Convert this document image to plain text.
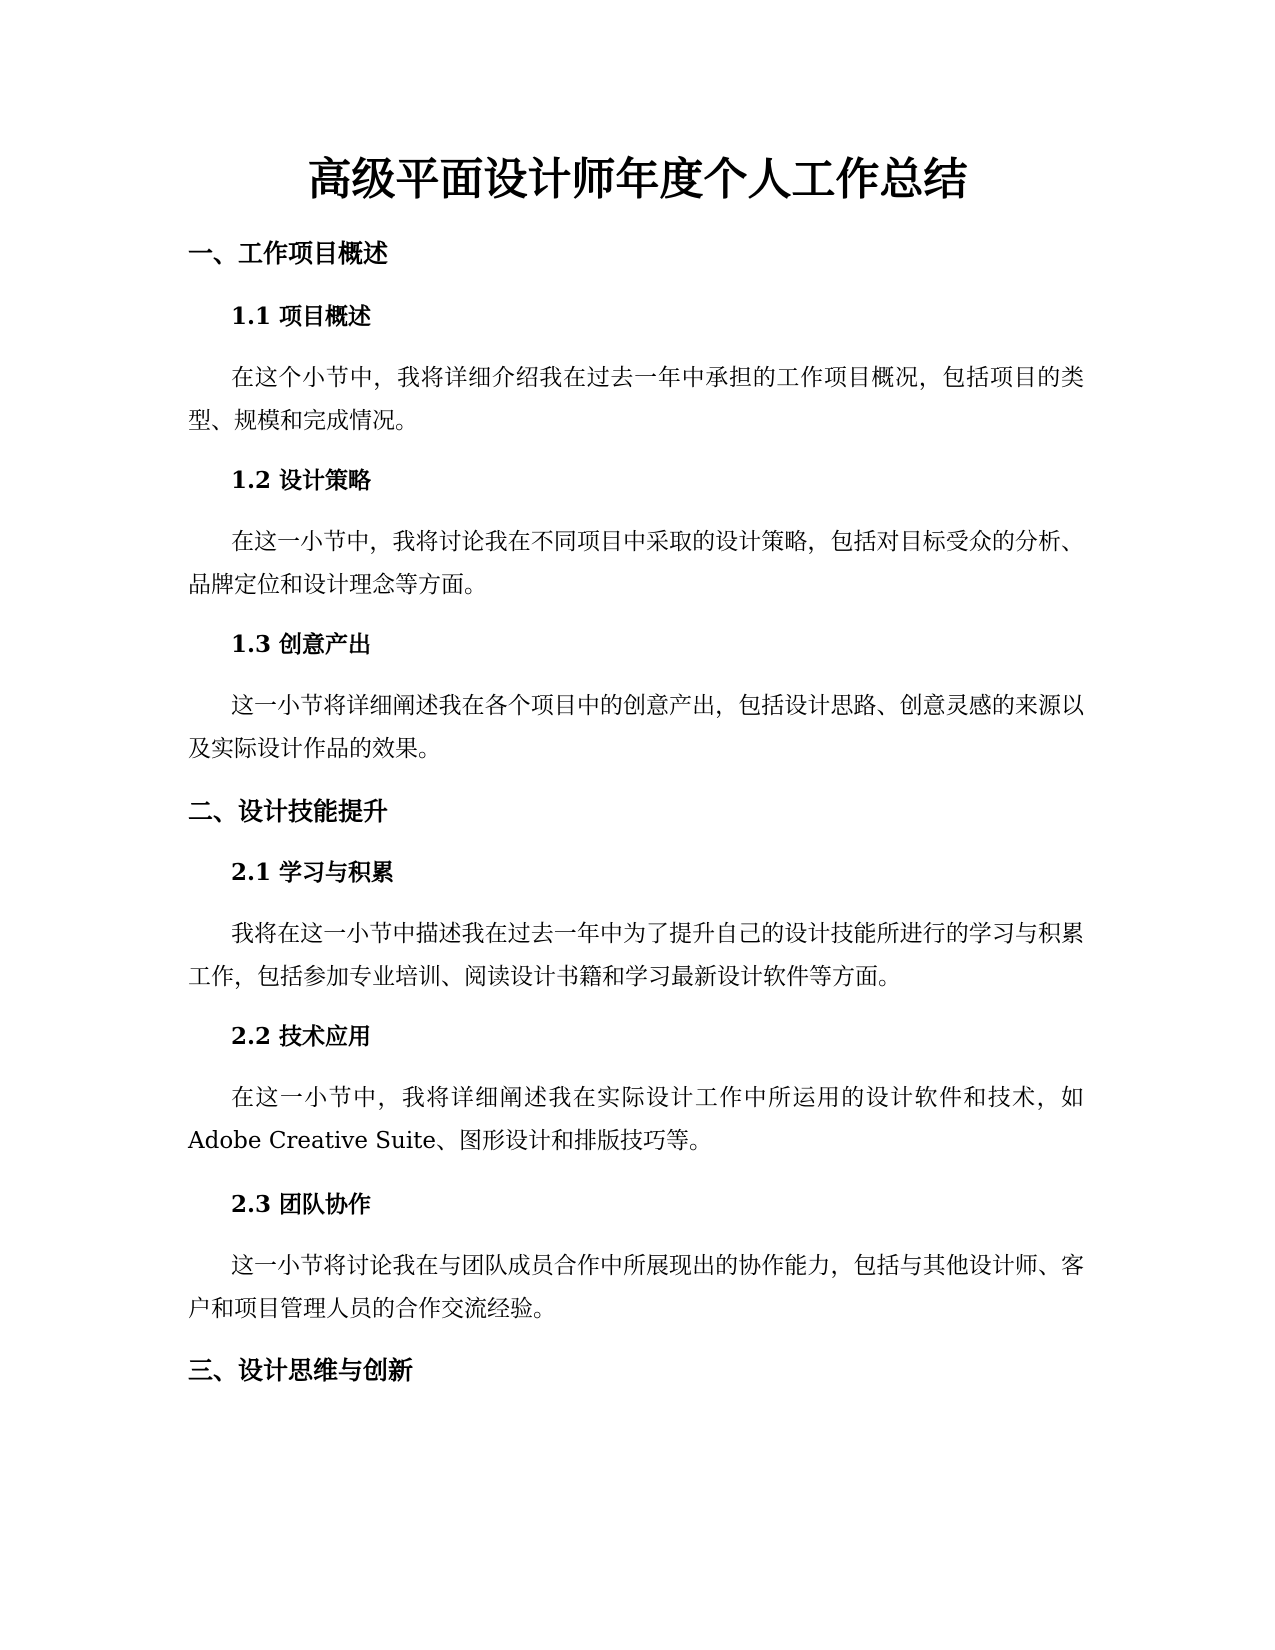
高级平面设计师年度个人工作总结
一、工作项目概述
1.1 项目概述

在这个小节中，我将详细介绍我在过去一年中承担的工作项目概况，包括项目的类型、规模和完成情况。

1.2 设计策略

在这一小节中，我将讨论我在不同项目中采取的设计策略，包括对目标受众的分析、品牌定位和设计理念等方面。

1.3 创意产出

这一小节将详细阐述我在各个项目中的创意产出，包括设计思路、创意灵感的来源以及实际设计作品的效果。

二、设计技能提升
2.1 学习与积累

我将在这一小节中描述我在过去一年中为了提升自己的设计技能所进行的学习与积累工作，包括参加专业培训、阅读设计书籍和学习最新设计软件等方面。

2.2 技术应用

在这一小节中，我将详细阐述我在实际设计工作中所运用的设计软件和技术，如Adobe Creative Suite、图形设计和排版技巧等。

2.3 团队协作

这一小节将讨论我在与团队成员合作中所展现出的协作能力，包括与其他设计师、客户和项目管理人员的合作交流经验。

三、设计思维与创新
